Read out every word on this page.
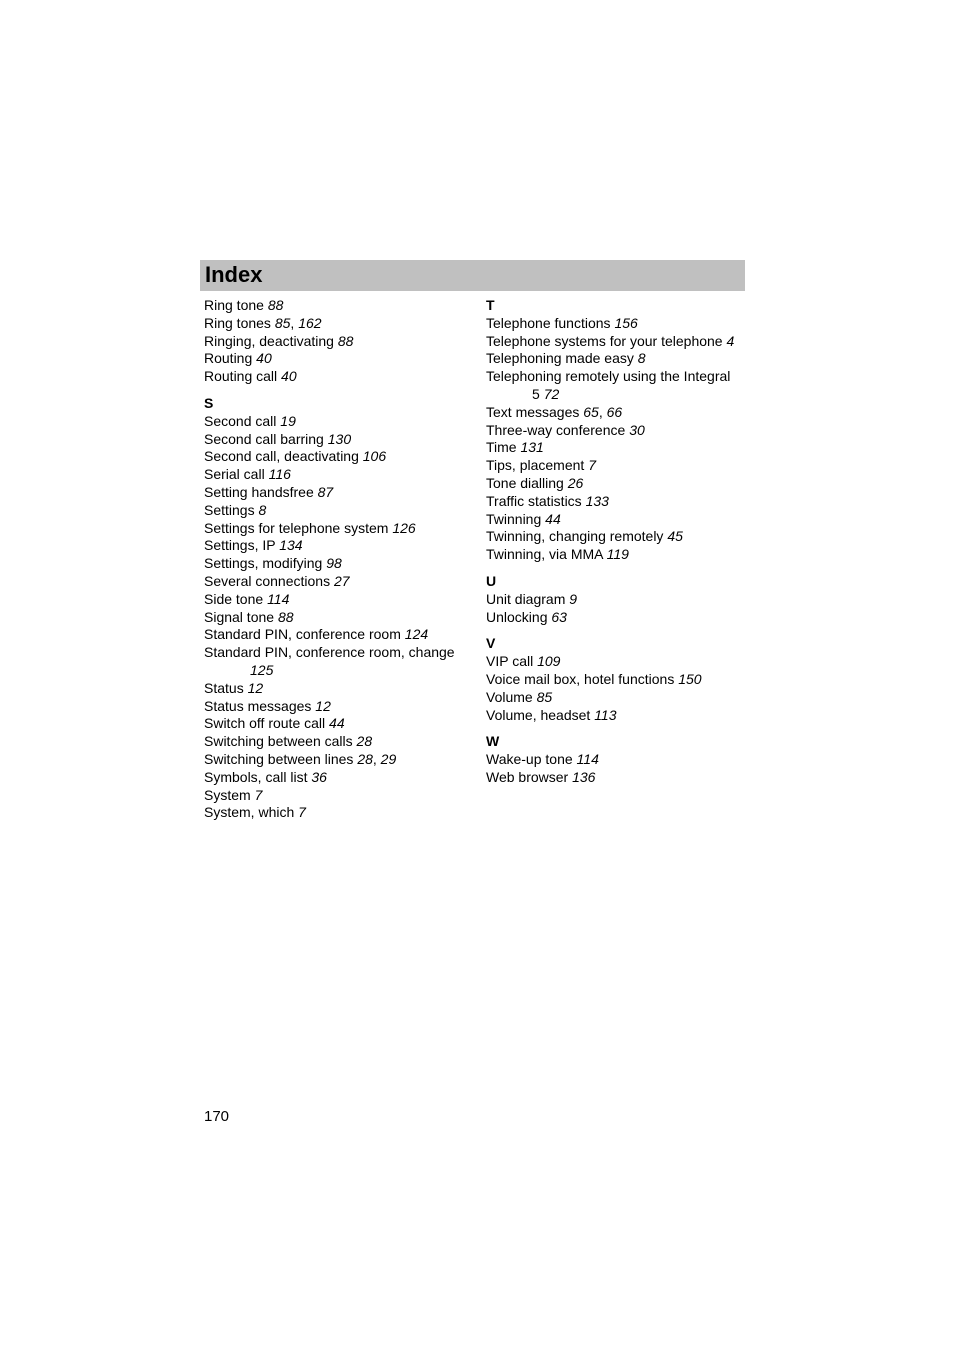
Index
Ring tone 88
Ring tones 85, 162
Ringing, deactivating 88
Routing 40
Routing call 40
S
Second call 19
Second call barring 130
Second call, deactivating 106
Serial call 116
Setting handsfree 87
Settings 8
Settings for telephone system 126
Settings, IP 134
Settings, modifying 98
Several connections 27
Side tone 114
Signal tone 88
Standard PIN, conference room 124
Standard PIN, conference room, change
125
Status 12
Status messages 12
Switch off route call 44
Switching between calls 28
Switching between lines 28, 29
Symbols, call list 36
System 7
System, which 7
T
Telephone functions 156
Telephone systems for your telephone 4
Telephoning made easy 8
Telephoning remotely using the Integral
5 72
Text messages 65, 66
Three-way conference 30
Time 131
Tips, placement 7
Tone dialling 26
Traffic statistics 133
Twinning 44
Twinning, changing remotely 45
Twinning, via MMA 119
U
Unit diagram 9
Unlocking 63
V
VIP call 109
Voice mail box, hotel functions 150
Volume 85
Volume, headset 113
W
Wake-up tone 114
Web browser 136
170
